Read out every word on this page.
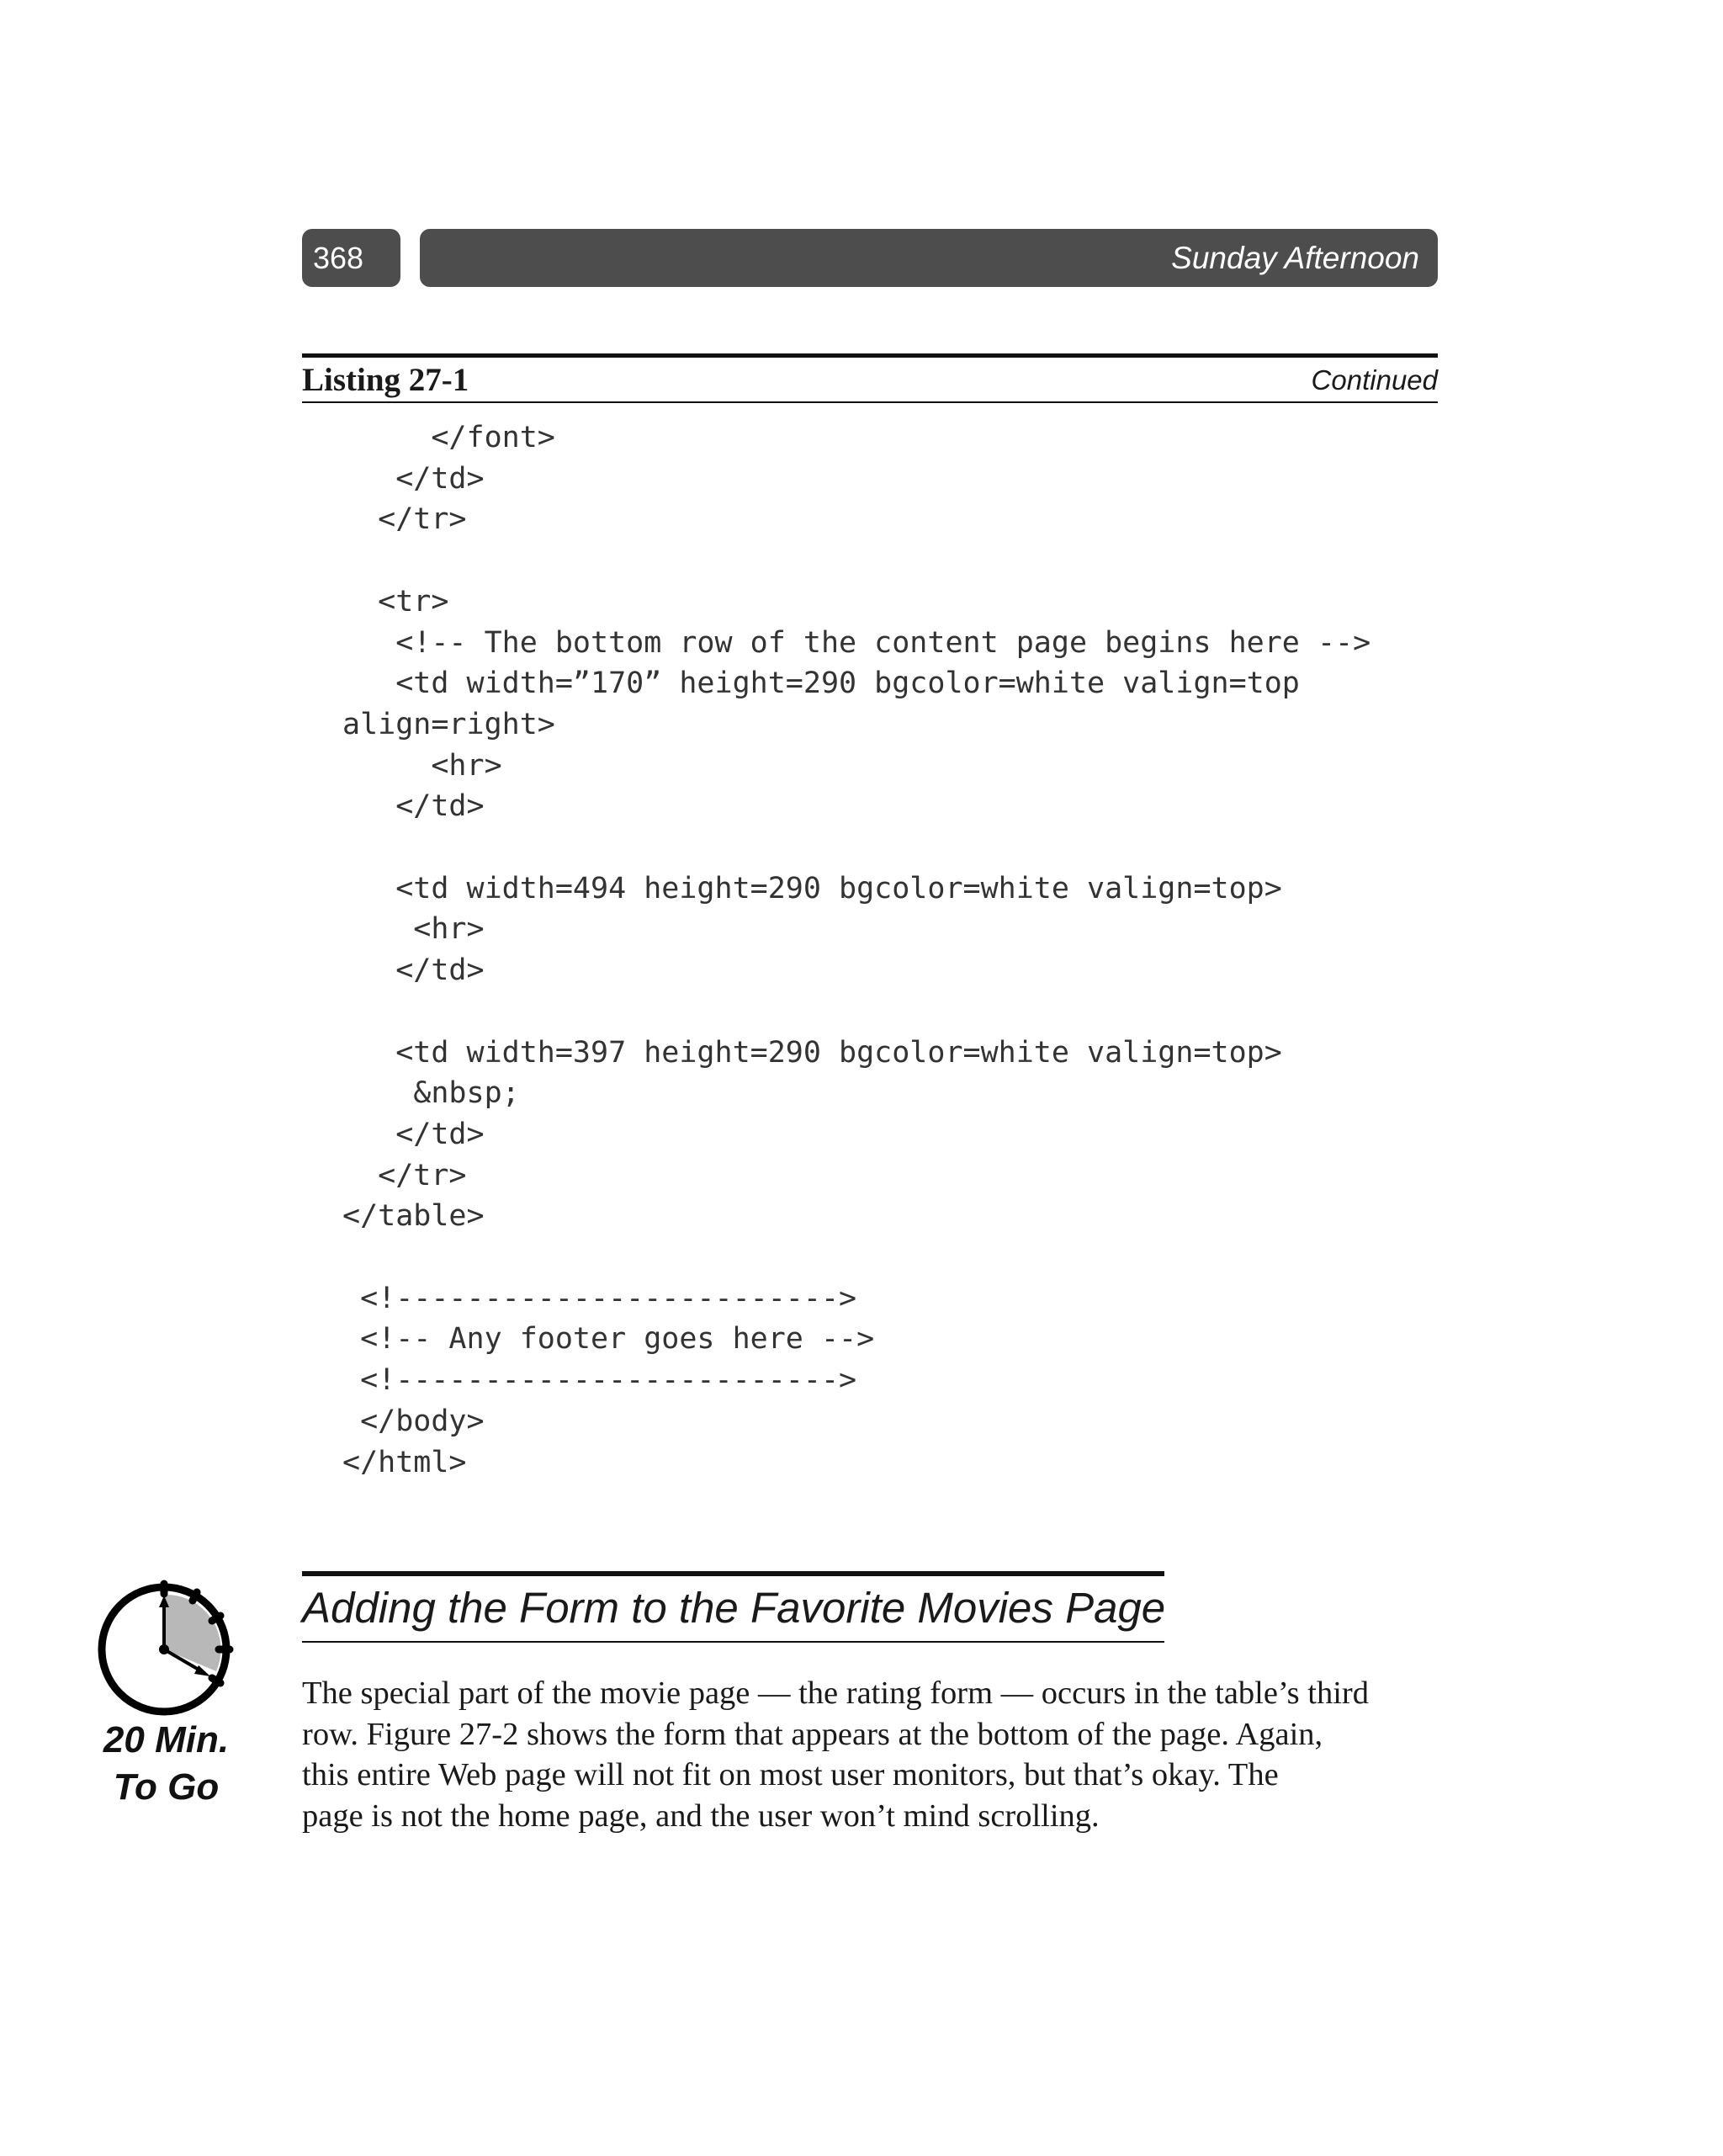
368	Sunday Afternoon
Listing 27-1	Continued
</font>
</td>
</tr>

<tr>
<!-- The bottom row of the content page begins here -->
<td width=”170” height=290 bgcolor=white valign=top
align=right>
<hr>
</td>

<td width=494 height=290 bgcolor=white valign=top>
<hr>
</td>

<td width=397 height=290 bgcolor=white valign=top>
&nbsp;
</td>
</tr>
</table>

<!------------------------->
<!-- Any footer goes here -->
<!------------------------->
</body>
</html>
20 Min.
To Go
Adding the Form to the Favorite Movies Page
The special part of the movie page — the rating form — occurs in the table’s third
row. Figure 27-2 shows the form that appears at the bottom of the page. Again,
this entire Web page will not fit on most user monitors, but that’s okay. The
page is not the home page, and the user won’t mind scrolling.
